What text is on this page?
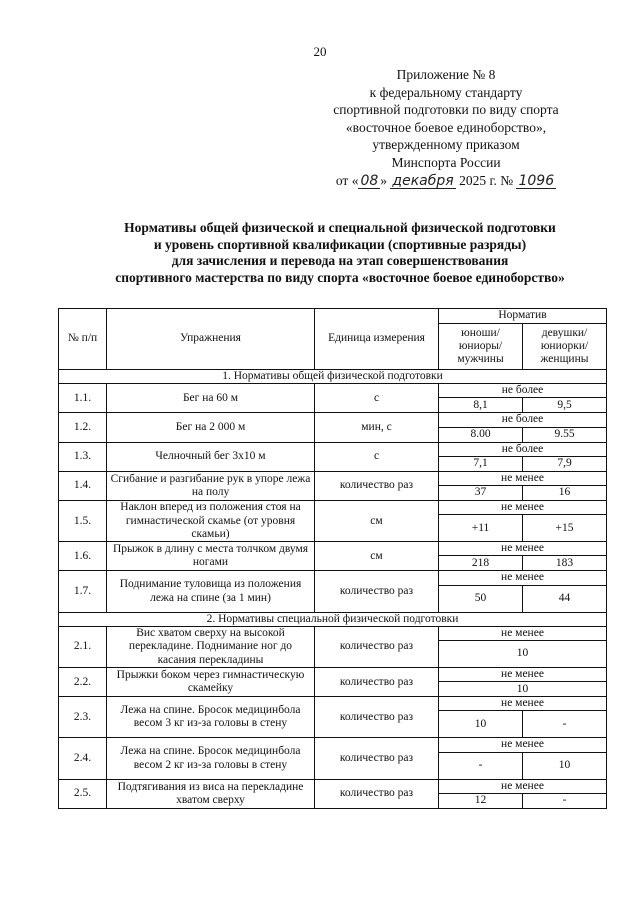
20
Приложение № 8
к федеральному стандарту
спортивной подготовки по виду спорта
«восточное боевое единоборство»,
утвержденному приказом
Минспорта России
от « 08 » декабря 2025 г. № 1096
Нормативы общей физической и специальной физической подготовки
и уровень спортивной квалификации (спортивные разряды)
для зачисления и перевода на этап совершенствования
спортивного мастерства по виду спорта «восточное боевое единоборство»
№ п/п	Упражнения	Единица измерения	Норматив	
			юноши/ юниоры/ мужчины	девушки/ юниорки/ женщины
1. Нормативы общей физической подготовки				
1.1.	Бег на 60 м	с	не более	
			8,1	9,5
1.2.	Бег на 2 000 м	мин, с	не более	
			8.00	9.55
1.3.	Челночный бег 3x10 м	с	не более	
			7,1	7,9
1.4.	Сгибание и разгибание рук в упоре лежа на полу	количество раз	не менее	
			37	16
1.5.	Наклон вперед из положения стоя на гимнастической скамье (от уровня скамьи)	см	не менее	
			+11	+15
1.6.	Прыжок в длину с места толчком двумя ногами	см	не менее	
			218	183
1.7.	Поднимание туловища из положения лежа на спине (за 1 мин)	количество раз	не менее	
			50	44
2. Нормативы специальной физической подготовки				
2.1.	Вис хватом сверху на высокой перекладине. Поднимание ног до касания перекладины	количество раз	не менее	
			10	
2.2.	Прыжки боком через гимнастическую скамейку	количество раз	не менее	
			10	
2.3.	Лежа на спине. Бросок медицинбола весом 3 кг из-за головы в стену	количество раз	не менее	
			10	-
2.4.	Лежа на спине. Бросок медицинбола весом 2 кг из-за головы в стену	количество раз	не менее	
			-	10
2.5.	Подтягивания из виса на перекладине хватом сверху	количество раз	не менее	
			12	-
